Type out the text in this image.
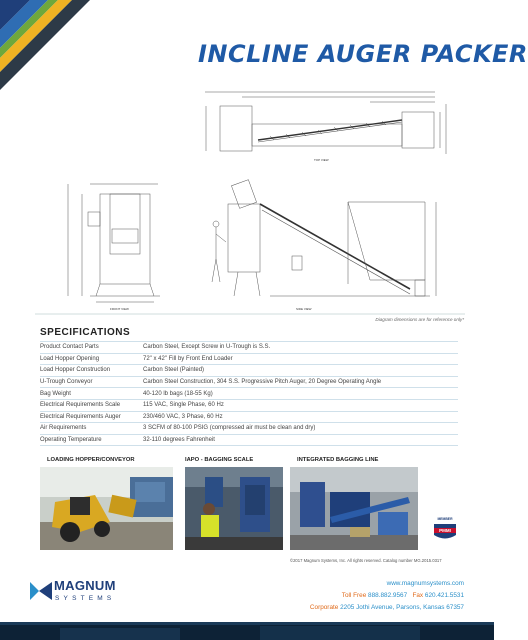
INCLINE AUGER PACKER
TOP VIEW
FRONT VIEW	SIDE VIEW
Diagram dimensions are for reference only*
SPECIFICATIONS
Product Contact Parts	Carbon Steel, Except Screw in U-Trough is S.S.
Load Hopper Opening	72" x 42" Fill by Front End Loader
Load Hopper Construction	Carbon Steel (Painted)
U-Trough Conveyor	Carbon Steel Construction, 304 S.S. Progressive Pitch Auger, 20 Degree Operating Angle
Bag Weight	40-120 lb bags (18-55 Kg)
Electrical Requirements Scale	115 VAC, Single Phase, 60 Hz
Electrical Requirements Auger	230/460 VAC, 3 Phase, 60 Hz
Air Requirements	3 SCFM of 80-100 PSIG (compressed air must be clean and dry)
Operating Temperature	32-110 degrees Fahrenheit
LOADING HOPPER/CONVEYOR	IAPO - BAGGING SCALE	INTEGRATED BAGGING LINE
©2017 Magnum Systems, Inc. All rights reserved. Catalog number MG.2015.0317
MEMBER
PMMI
MAGNUM
SYSTEMS
www.magnumsystems.com
Toll Free 888.882.9567 Fax 620.421.5531
Corporate 2205 Jothi Avenue, Parsons, Kansas 67357
